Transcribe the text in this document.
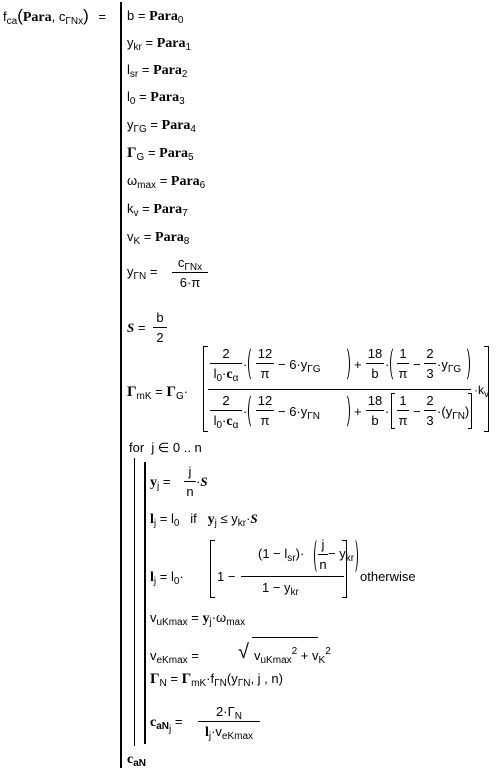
$f_{ca}(Para$, $c_{\Gamma Nx}) = b$ = Para$_0$
$y_{kr}$ = Para$_1$
$l_{sr}$ = Para$_2$
$l_0$ = Para$_3$
$y_{\Gamma G}$ = Para$_4$
$\Gamma_G$ = Para$_5$
$\omega_{max}$ = Para$_6$
$k_v$ = Para$_7$
$v_K$ = Para$_8$
$y_{\Gamma N}$ =
$c_{\Gamma Nx}$
6·π
S =
b
2
$\Gamma_{mK} = \Gamma_G\cdot$
2
$l_0\cdot c_\alpha$
·
12
π
− $6\cdot y_{\Gamma G}$	+
18
b
·
1
π
−
2
3
$\cdot y_{\Gamma G}$
2
$l_0\cdot c_\alpha$
·
12
π
− $6\cdot y_{\Gamma N}$	+
18
b
·
1
π
−
2
3
$\cdot(y_{\Gamma N})$
$\cdot k_v$
for j ∈ 0 .. n
$y_j$ =
j
n
·S
$l_j = l_0$ if $y_j \le y_{kr}\cdot S$
$l_j = l_0\cdot$	1 −
$(1 - l_{sr})\cdot$
j
n
− $y_{kr}$
$1 - y_{kr}$
otherwise
$v_{uKmax} = y_j\cdot\omega_{max}$
$v_{eKmax}$ = √ $v_{uKmax}^2 + v_K^2$
$\Gamma_N = \Gamma_{mK}\cdot f_{\Gamma N}(y_{\Gamma N}$, j , n)
$c_{aN_j}$ =
$2\cdot\Gamma_N$
$l_j\cdot v_{eKmax}$
$c_{aN}$
